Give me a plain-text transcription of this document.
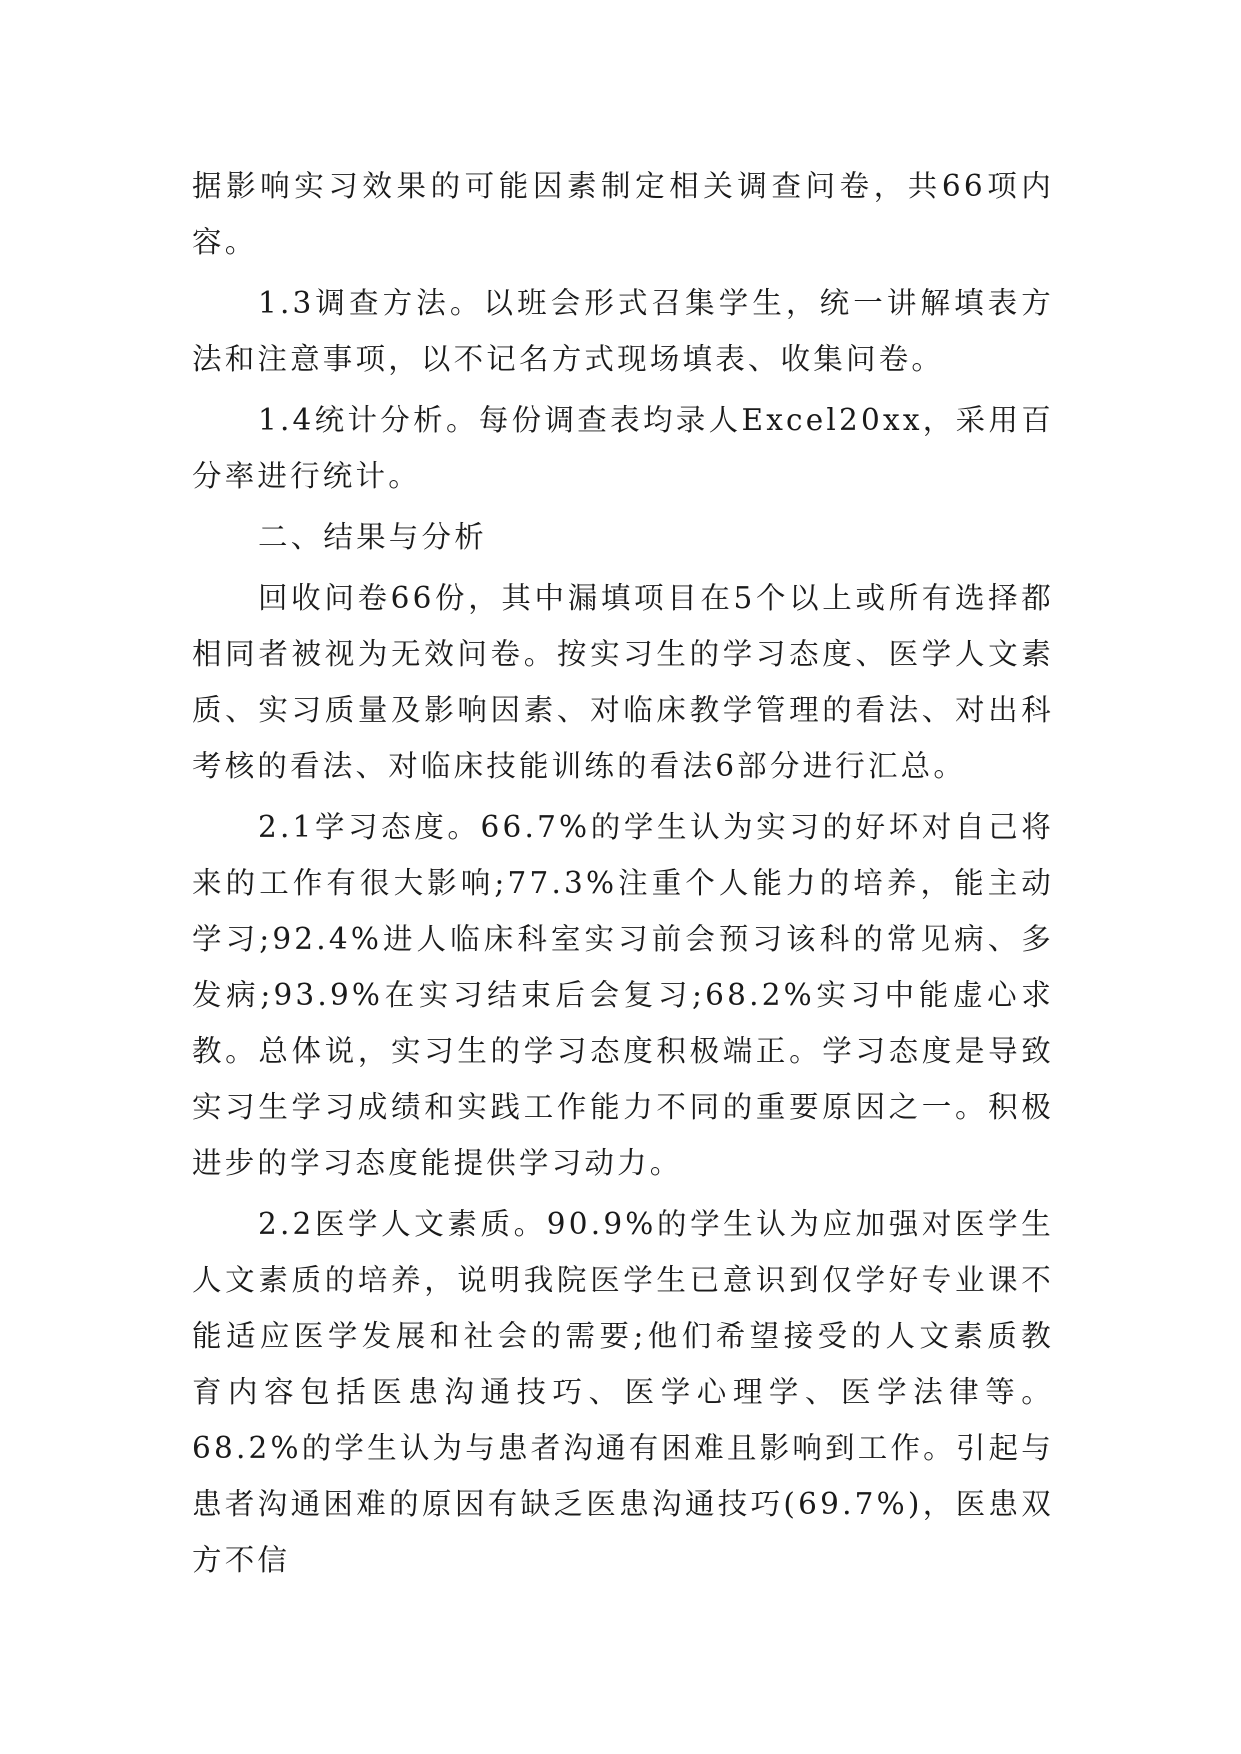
据影响实习效果的可能因素制定相关调查问卷，共66项内容。

1.3调查方法。以班会形式召集学生，统一讲解填表方法和注意事项，以不记名方式现场填表、收集问卷。

1.4统计分析。每份调查表均录人Excel20xx，采用百分率进行统计。

二、结果与分析

回收问卷66份，其中漏填项目在5个以上或所有选择都相同者被视为无效问卷。按实习生的学习态度、医学人文素质、实习质量及影响因素、对临床教学管理的看法、对出科考核的看法、对临床技能训练的看法6部分进行汇总。

2.1学习态度。66.7%的学生认为实习的好坏对自己将来的工作有很大影响;77.3%注重个人能力的培养，能主动学习;92.4%进人临床科室实习前会预习该科的常见病、多发病;93.9%在实习结束后会复习;68.2%实习中能虚心求教。总体说，实习生的学习态度积极端正。学习态度是导致实习生学习成绩和实践工作能力不同的重要原因之一。积极进步的学习态度能提供学习动力。

2.2医学人文素质。90.9%的学生认为应加强对医学生人文素质的培养，说明我院医学生已意识到仅学好专业课不能适应医学发展和社会的需要;他们希望接受的人文素质教育内容包括医患沟通技巧、医学心理学、医学法律等。68.2%的学生认为与患者沟通有困难且影响到工作。引起与患者沟通困难的原因有缺乏医患沟通技巧(69.7%)，医患双方不信
